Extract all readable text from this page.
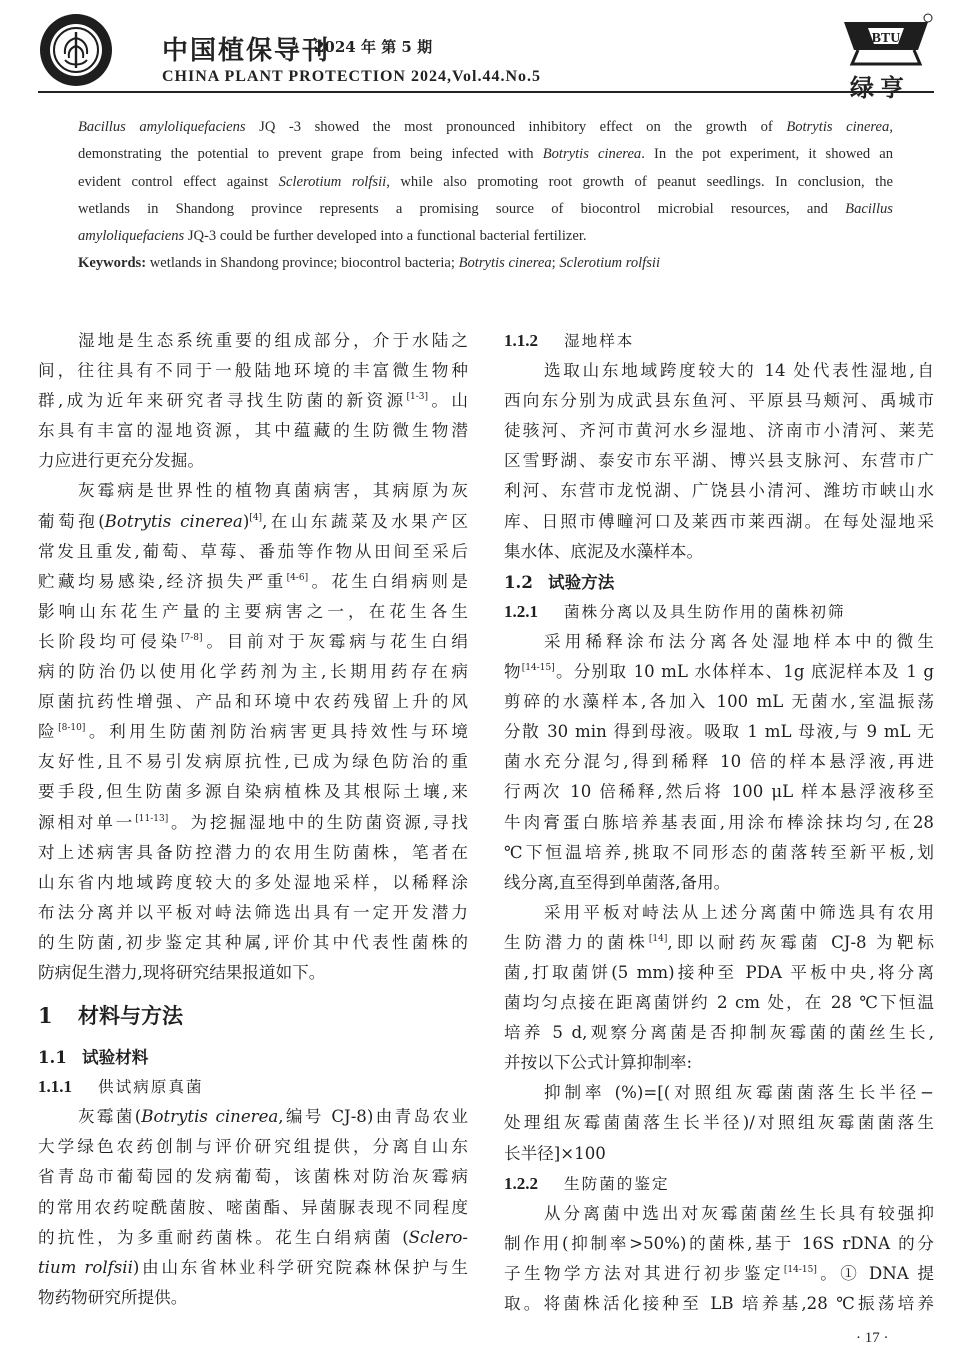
中国植保导刊
2024 年 第 5 期
CHINA PLANT PROTECTION 2024,Vol.44.No.5
BTU
绿亨

Bacillus amyloliquefaciens JQ -3 showed the most pronounced inhibitory effect on the growth of Botrytis cinerea,

demonstrating the potential to prevent grape from being infected with Botrytis cinerea. In the pot experiment, it showed an

evident control effect against Sclerotium rolfsii, while also promoting root growth of peanut seedlings. In conclusion, the

wetlands in Shandong province represents a promising source of biocontrol microbial resources, and Bacillus

amyloliquefaciens JQ-3 could be further developed into a functional bacterial fertilizer.

Keywords: wetlands in Shandong province; biocontrol bacteria; Botrytis cinerea; Sclerotium rolfsii

湿地是生态系统重要的组成部分，介于水陆之

间，往往具有不同于一般陆地环境的丰富微生物种

群,成为近年来研究者寻找生防菌的新资源[1-3]。山

东具有丰富的湿地资源，其中蕴藏的生防微生物潜

力应进行更充分发掘。

灰霉病是世界性的植物真菌病害，其病原为灰

葡萄孢(Botrytis cinerea)[4],在山东蔬菜及水果产区

常发且重发,葡萄、草莓、番茄等作物从田间至采后

贮藏均易感染,经济损失严重[4-6]。花生白绢病则是

影响山东花生产量的主要病害之一，在花生各生

长阶段均可侵染[7-8]。目前对于灰霉病与花生白绢

病的防治仍以使用化学药剂为主,长期用药存在病

原菌抗药性增强、产品和环境中农药残留上升的风

险[8-10]。利用生防菌剂防治病害更具持效性与环境

友好性,且不易引发病原抗性,已成为绿色防治的重

要手段,但生防菌多源自染病植株及其根际土壤,来

源相对单一[11-13]。为挖掘湿地中的生防菌资源,寻找

对上述病害具备防控潜力的农用生防菌株，笔者在

山东省内地域跨度较大的多处湿地采样，以稀释涂

布法分离并以平板对峙法筛选出具有一定开发潜力

的生防菌,初步鉴定其种属,评价其中代表性菌株的

防病促生潜力,现将研究结果报道如下。

1 材料与方法

1.1 试验材料

1.1.1 供试病原真菌

灰霉菌(Botrytis cinerea,编号 CJ-8)由青岛农业

大学绿色农药创制与评价研究组提供，分离自山东

省青岛市葡萄园的发病葡萄，该菌株对防治灰霉病

的常用农药啶酰菌胺、嘧菌酯、异菌脲表现不同程度

的抗性，为多重耐药菌株。花生白绢病菌 (Sclero-

tium rolfsii)由山东省林业科学研究院森林保护与生

物药物研究所提供。

1.1.2 湿地样本

选取山东地域跨度较大的 14 处代表性湿地,自

西向东分别为成武县东鱼河、平原县马颊河、禹城市

徒骇河、齐河市黄河水乡湿地、济南市小清河、莱芜

区雪野湖、泰安市东平湖、博兴县支脉河、东营市广

利河、东营市龙悦湖、广饶县小清河、潍坊市峡山水

库、日照市傅疃河口及莱西市莱西湖。在每处湿地采

集水体、底泥及水藻样本。

1.2 试验方法

1.2.1 菌株分离以及具生防作用的菌株初筛

采用稀释涂布法分离各处湿地样本中的微生

物[14-15]。分别取 10 mL 水体样本、1g 底泥样本及 1 g

剪碎的水藻样本,各加入 100 mL 无菌水,室温振荡

分散 30 min 得到母液。吸取 1 mL 母液,与 9 mL 无

菌水充分混匀,得到稀释 10 倍的样本悬浮液,再进

行两次 10 倍稀释,然后将 100 μL 样本悬浮液移至

牛肉膏蛋白胨培养基表面,用涂布棒涂抹均匀,在28

℃下恒温培养,挑取不同形态的菌落转至新平板,划

线分离,直至得到单菌落,备用。

采用平板对峙法从上述分离菌中筛选具有农用

生防潜力的菌株[14],即以耐药灰霉菌 CJ-8 为靶标

菌,打取菌饼(5 mm)接种至 PDA 平板中央,将分离

菌均匀点接在距离菌饼约 2 cm 处，在 28 ℃下恒温

培养 5 d,观察分离菌是否抑制灰霉菌的菌丝生长,

并按以下公式计算抑制率:

抑制率 (%)=[(对照组灰霉菌菌落生长半径−

处理组灰霉菌菌落生长半径)/对照组灰霉菌菌落生

长半径]×100

1.2.2 生防菌的鉴定

从分离菌中选出对灰霉菌菌丝生长具有较强抑

制作用(抑制率>50%)的菌株,基于 16S rDNA 的分

子生物学方法对其进行初步鉴定[14-15]。① DNA 提

取。将菌株活化接种至 LB 培养基,28 ℃振荡培养

· 17 ·
